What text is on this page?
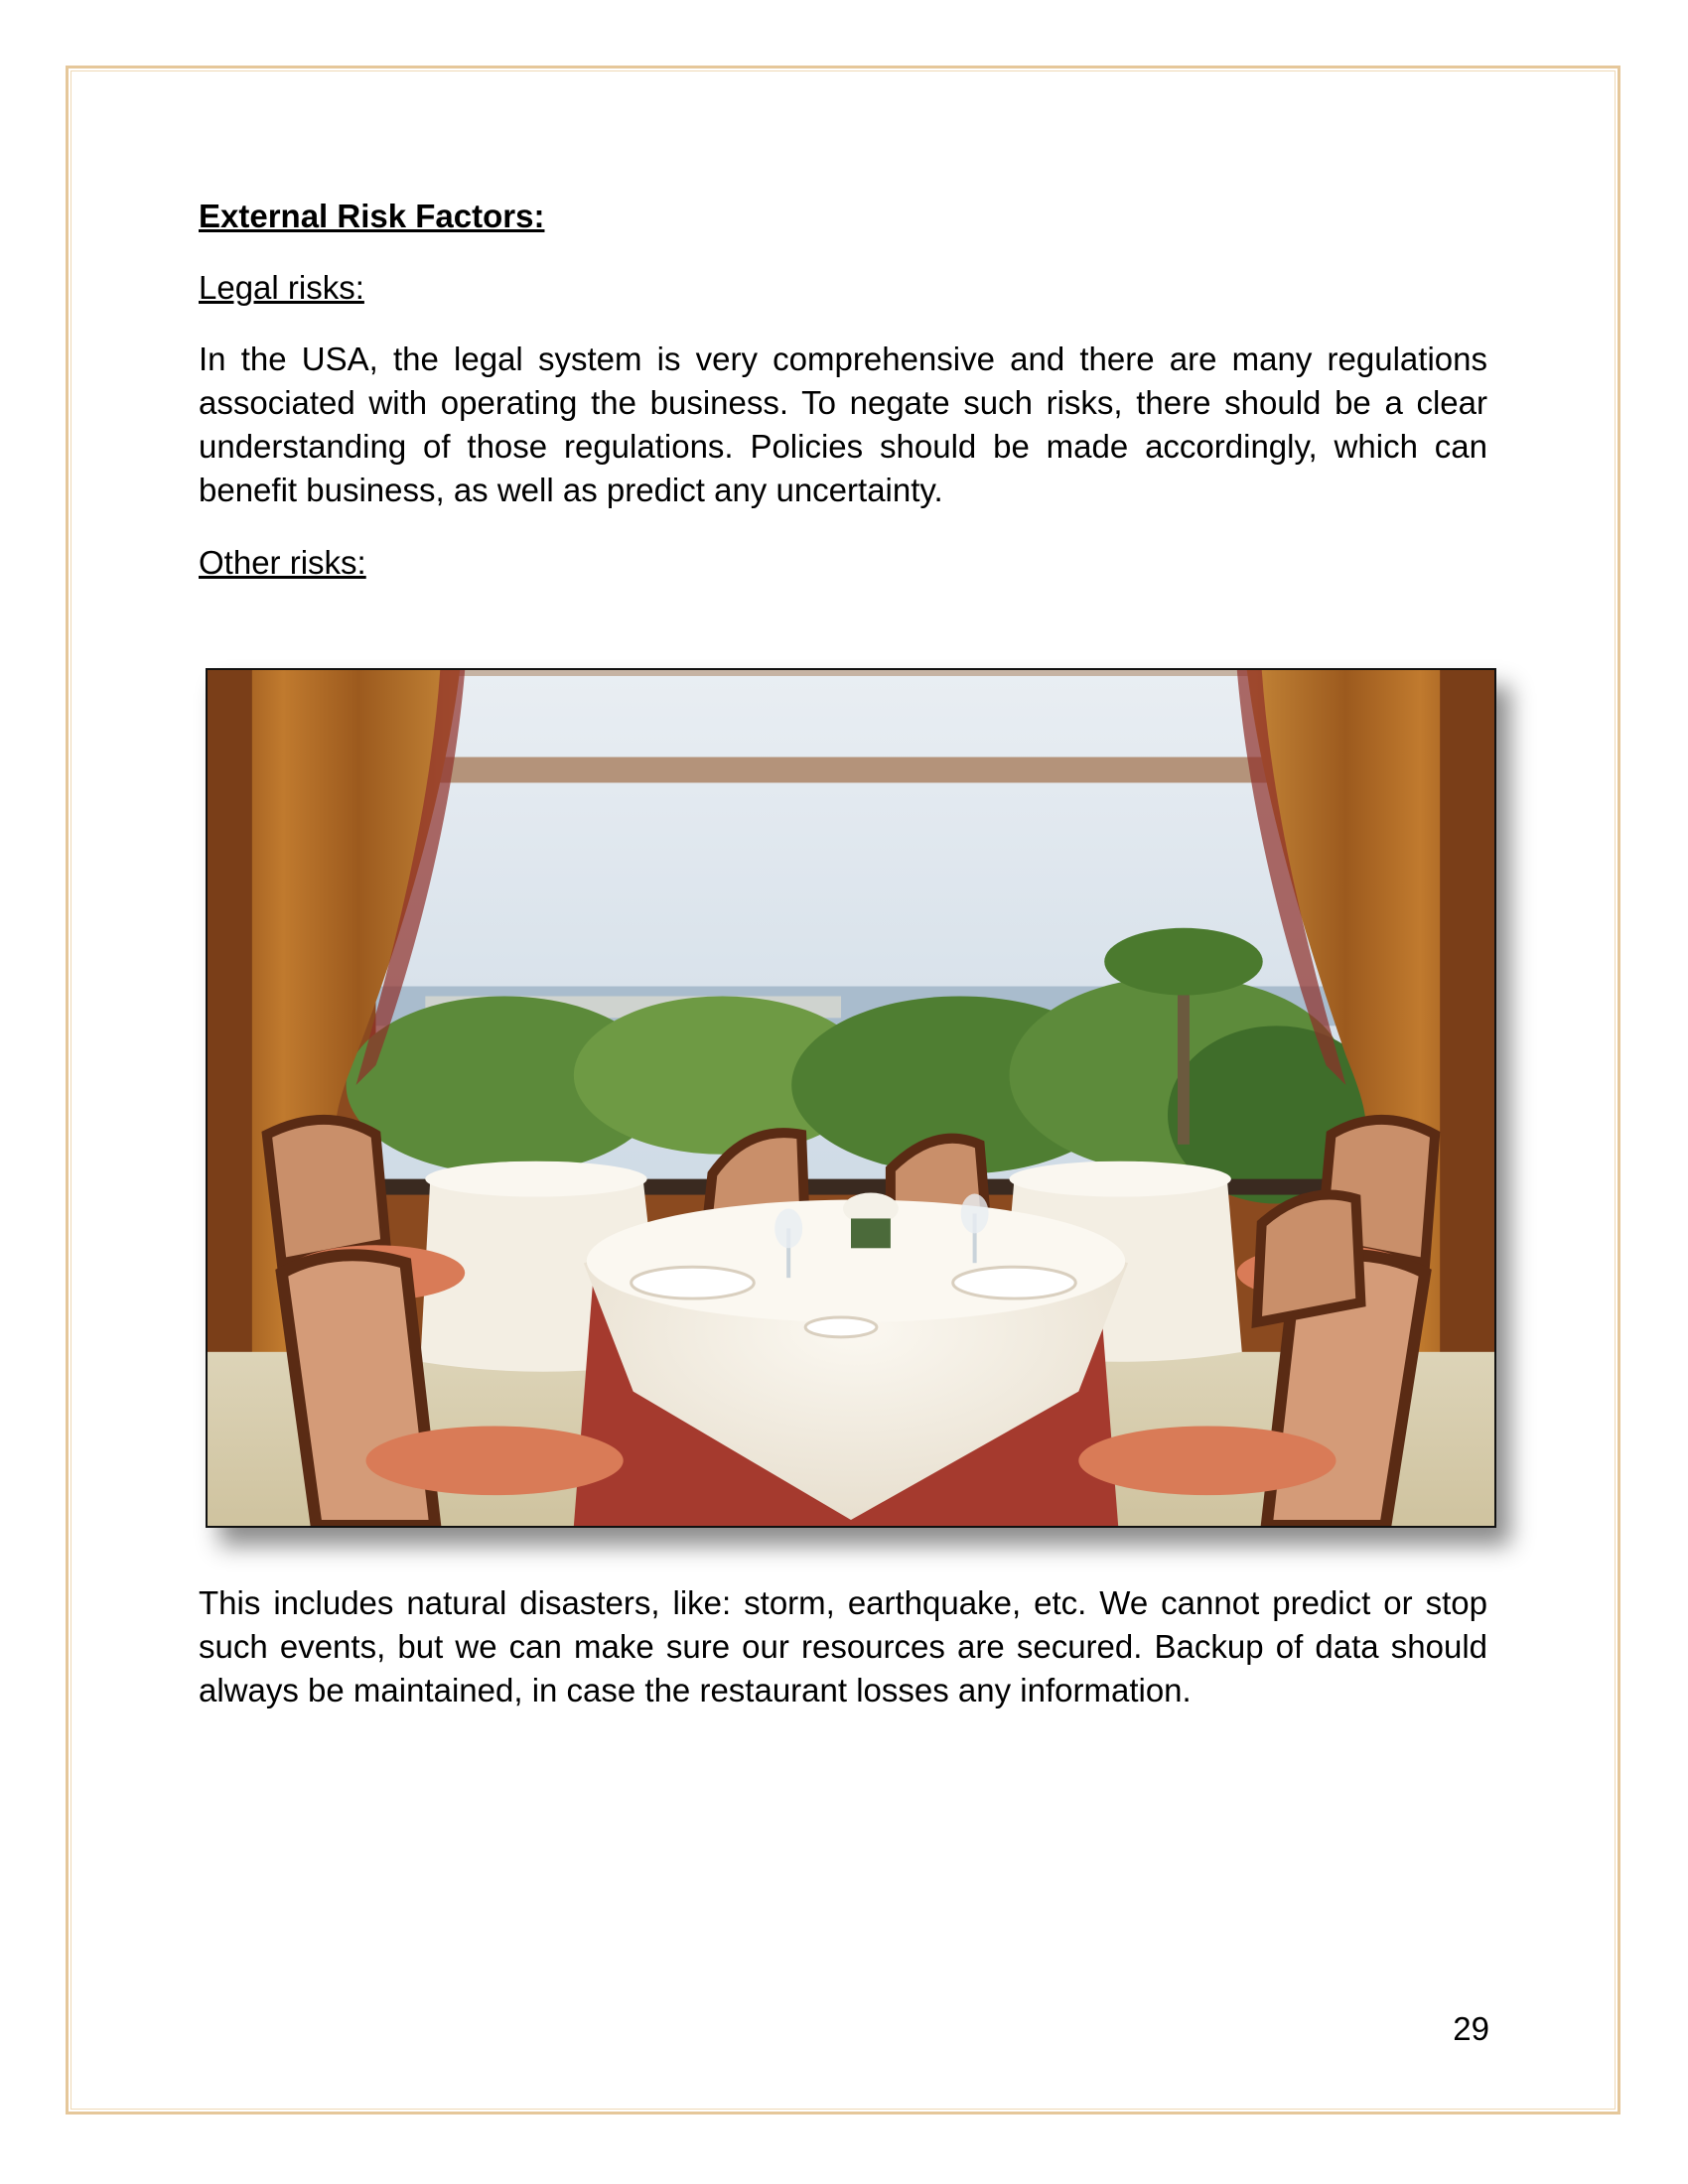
External Risk Factors:

Legal risks:

In the USA, the legal system is very comprehensive and there are many regulations associated with operating the business. To negate such risks, there should be a clear understanding of those regulations. Policies should be made accordingly, which can benefit business, as well as predict any uncertainty.

Other risks:

This includes natural disasters, like: storm, earthquake, etc. We cannot predict or stop such events, but we can make sure our resources are secured. Backup of data should always be maintained, in case the restaurant losses any information.

29
